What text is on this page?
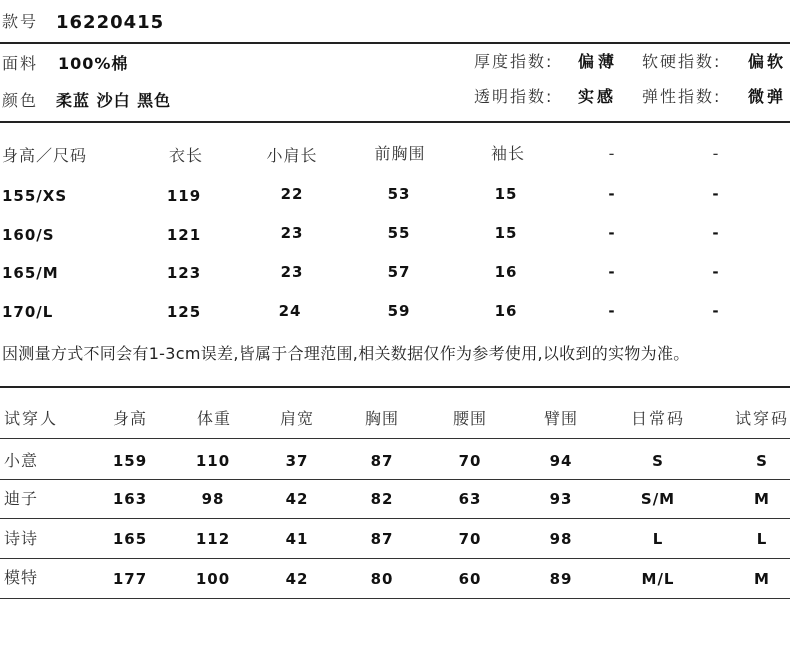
款号 16220415
面料 100%棉
颜色 柔蓝 沙白 黑色
厚度指数: 偏薄 软硬指数: 偏软
透明指数: 实感 弹性指数: 微弹
身高／尺码	衣长	小肩长	前胸围	袖长	-	-
155/XS	119	22	53	15	-	-
160/S	121	23	55	15	-	-
165/M	123	23	57	16	-	-
170/L	125	24	59	16	-	-
因测量方式不同会有1-3cm误差,皆属于合理范围,相关数据仅作为参考使用,以收到的实物为准。
试穿人	身高	体重	肩宽	胸围	腰围	臂围	日常码	试穿码
小意	159	110	37	87	70	94	S	S
迪子	163	98	42	82	63	93	S/M	M
诗诗	165	112	41	87	70	98	L	L
模特	177	100	42	80	60	89	M/L	M
